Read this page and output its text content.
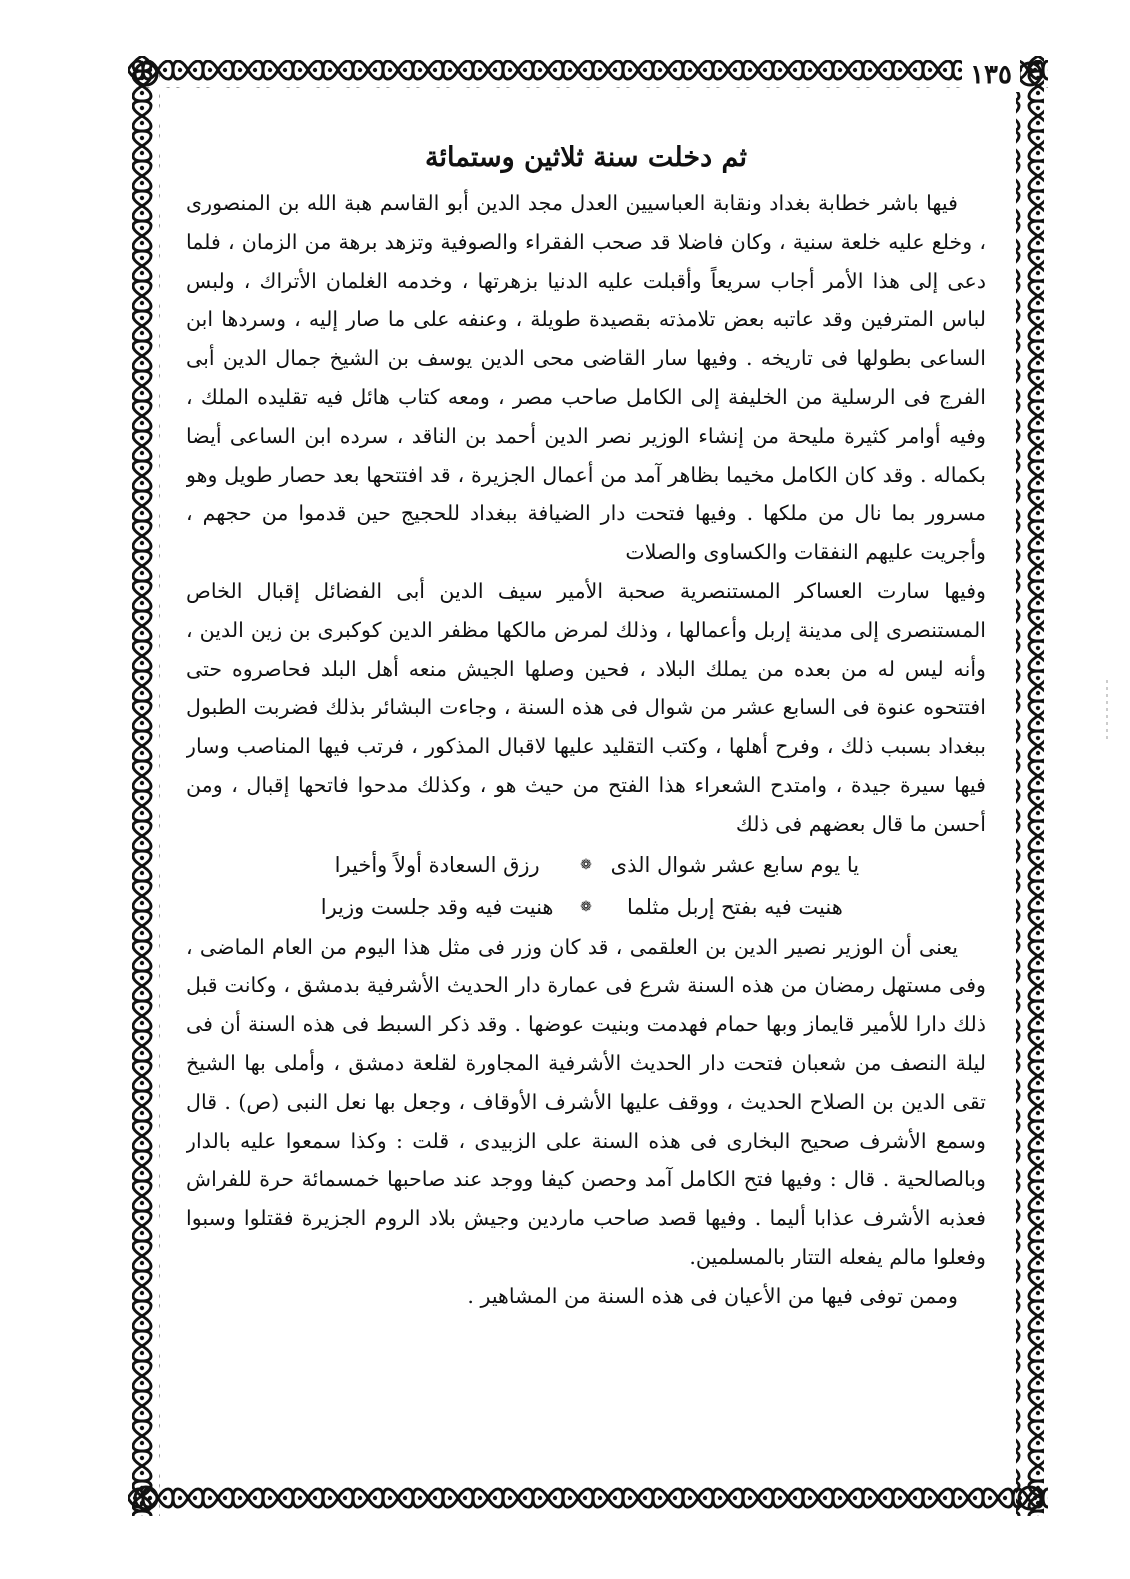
١٣٥
ثم دخلت سنة ثلاثين وستمائة

فيها باشر خطابة بغداد ونقابة العباسيين العدل مجد الدين أبو القاسم هبة الله بن المنصورى ، وخلع عليه خلعة سنية ، وكان فاضلا قد صحب الفقراء والصوفية وتزهد برهة من الزمان ، فلما دعى إلى هذا الأمر أجاب سريعاً وأقبلت عليه الدنيا بزهرتها ، وخدمه الغلمان الأتراك ، ولبس لباس المترفين وقد عاتبه بعض تلامذته بقصيدة طويلة ، وعنفه على ما صار إليه ، وسردها ابن الساعى بطولها فى تاريخه . وفيها سار القاضى محى الدين يوسف بن الشيخ جمال الدين أبى الفرج فى الرسلية من الخليفة إلى الكامل صاحب مصر ، ومعه كتاب هائل فيه تقليده الملك ، وفيه أوامر كثيرة مليحة من إنشاء الوزير نصر الدين أحمد بن الناقد ، سرده ابن الساعى أيضا بكماله . وقد كان الكامل مخيما بظاهر آمد من أعمال الجزيرة ، قد افتتحها بعد حصار طويل وهو مسرور بما نال من ملكها . وفيها فتحت دار الضيافة ببغداد للحجيج حين قدموا من حجهم ، وأجريت عليهم النفقات والكساوى والصلات

وفيها سارت العساكر المستنصرية صحبة الأمير سيف الدين أبى الفضائل إقبال الخاص المستنصرى إلى مدينة إربل وأعمالها ، وذلك لمرض مالكها مظفر الدين كوكبرى بن زين الدين ، وأنه ليس له من بعده من يملك البلاد ، فحين وصلها الجيش منعه أهل البلد فحاصروه حتى افتتحوه عنوة فى السابع عشر من شوال فى هذه السنة ، وجاءت البشائر بذلك فضربت الطبول ببغداد بسبب ذلك ، وفرح أهلها ، وكتب التقليد عليها لاقبال المذكور ، فرتب فيها المناصب وسار فيها سيرة جيدة ، وامتدح الشعراء هذا الفتح من حيث هو ، وكذلك مدحوا فاتحها إقبال ، ومن أحسن ما قال بعضهم فى ذلك

يا يوم سابع عشر شوال الذى
❁
رزق السعادة أولاً وأخيرا
هنيت فيه بفتح إربل مثلما
❁
هنيت فيه وقد جلست وزيرا

يعنى أن الوزير نصير الدين بن العلقمى ، قد كان وزر فى مثل هذا اليوم من العام الماضى ، وفى مستهل رمضان من هذه السنة شرع فى عمارة دار الحديث الأشرفية بدمشق ، وكانت قبل ذلك دارا للأمير قايماز وبها حمام فهدمت وبنيت عوضها . وقد ذكر السبط فى هذه السنة أن فى ليلة النصف من شعبان فتحت دار الحديث الأشرفية المجاورة لقلعة دمشق ، وأملى بها الشيخ تقى الدين بن الصلاح الحديث ، ووقف عليها الأشرف الأوقاف ، وجعل بها نعل النبى (ص) . قال وسمع الأشرف صحيح البخارى فى هذه السنة على الزبيدى ، قلت : وكذا سمعوا عليه بالدار وبالصالحية . قال : وفيها فتح الكامل آمد وحصن كيفا ووجد عند صاحبها خمسمائة حرة للفراش فعذبه الأشرف عذابا أليما . وفيها قصد صاحب ماردين وجيش بلاد الروم الجزيرة فقتلوا وسبوا وفعلوا مالم يفعله التتار بالمسلمين.

وممن توفى فيها من الأعيان فى هذه السنة من المشاهير .
